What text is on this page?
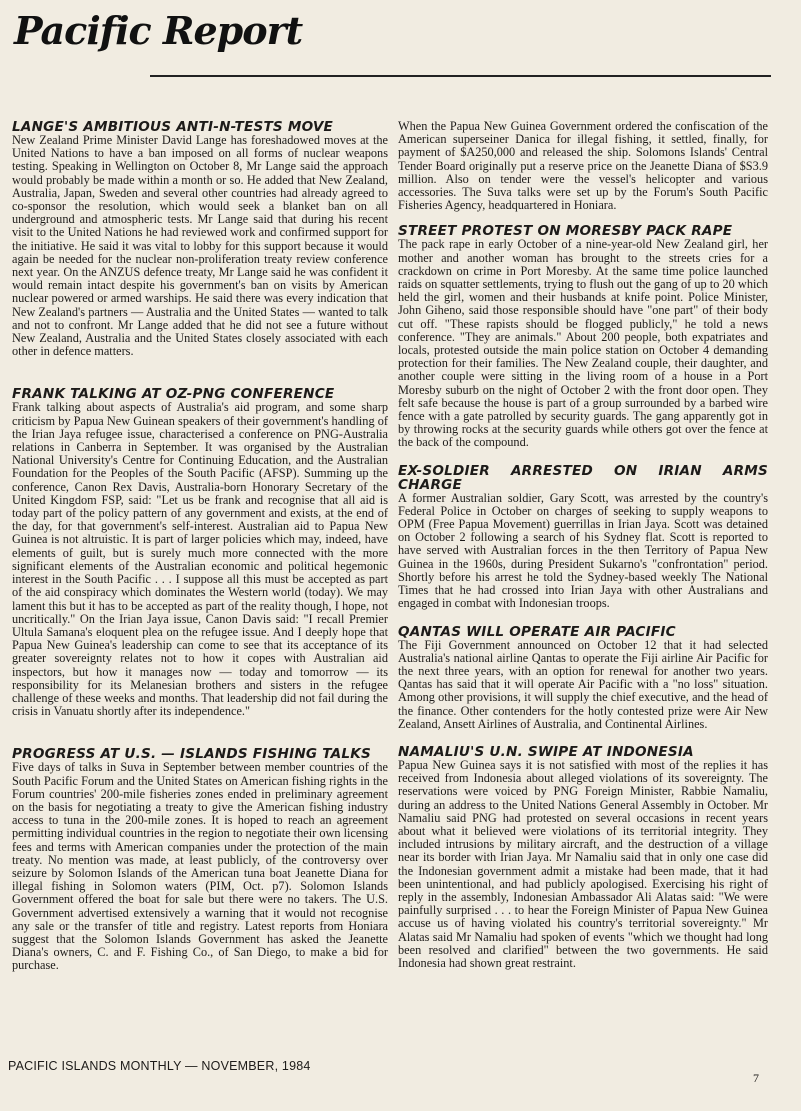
Pacific Report
LANGE'S AMBITIOUS ANTI-N-TESTS MOVE

New Zealand Prime Minister David Lange has foreshadowed moves at the United Nations to have a ban imposed on all forms of nuclear weapons testing. Speaking in Wellington on October 8, Mr Lange said the approach would probably be made within a month or so. He added that New Zealand, Australia, Japan, Sweden and several other countries had already agreed to co-sponsor the resolution, which would seek a blanket ban on all underground and atmospheric tests. Mr Lange said that during his recent visit to the United Nations he had reviewed work and confirmed support for the initiative. He said it was vital to lobby for this support because it would again be needed for the nuclear non-proliferation treaty review conference next year. On the ANZUS defence treaty, Mr Lange said he was confident it would remain intact despite his government's ban on visits by American nuclear powered or armed warships. He said there was every indication that New Zealand's partners — Australia and the United States — wanted to talk and not to confront. Mr Lange added that he did not see a future without New Zealand, Australia and the United States closely associated with each other in defence matters.

FRANK TALKING AT OZ-PNG CONFERENCE

Frank talking about aspects of Australia's aid program, and some sharp criticism by Papua New Guinean speakers of their government's handling of the Irian Jaya refugee issue, characterised a conference on PNG-Australia relations in Canberra in September. It was organised by the Australian National University's Centre for Continuing Education, and the Australian Foundation for the Peoples of the South Pacific (AFSP). Summing up the conference, Canon Rex Davis, Australia-born Honorary Secretary of the United Kingdom FSP, said: "Let us be frank and recognise that all aid is today part of the policy pattern of any government and exists, at the end of the day, for that government's self-interest. Australian aid to Papua New Guinea is not altruistic. It is part of larger policies which may, indeed, have elements of guilt, but is surely much more connected with the more significant elements of the Australian economic and political hegemonic interest in the South Pacific . . . I suppose all this must be accepted as part of the aid conspiracy which dominates the Western world (today). We may lament this but it has to be accepted as part of the reality though, I hope, not uncritically." On the Irian Jaya issue, Canon Davis said: "I recall Premier Ultula Samana's eloquent plea on the refugee issue. And I deeply hope that Papua New Guinea's leadership can come to see that its acceptance of its greater sovereignty relates not to how it copes with Australian aid inspectors, but how it manages now — today and tomorrow — its responsibility for its Melanesian brothers and sisters in the refugee challenge of these weeks and months. That leadership did not fail during the crisis in Vanuatu shortly after its independence."

PROGRESS AT U.S. — ISLANDS FISHING TALKS

Five days of talks in Suva in September between member countries of the South Pacific Forum and the United States on American fishing rights in the Forum countries' 200-mile fisheries zones ended in preliminary agreement on the basis for negotiating a treaty to give the American fishing industry access to tuna in the 200-mile zones. It is hoped to reach an agreement permitting individual countries in the region to negotiate their own licensing fees and terms with American companies under the protection of the main treaty. No mention was made, at least publicly, of the controversy over seizure by Solomon Islands of the American tuna boat Jeanette Diana for illegal fishing in Solomon waters (PIM, Oct. p7). Solomon Islands Government offered the boat for sale but there were no takers. The U.S. Government advertised extensively a warning that it would not recognise any sale or the transfer of title and registry. Latest reports from Honiara suggest that the Solomon Islands Government has asked the Jeanette Diana's owners, C. and F. Fishing Co., of San Diego, to make a bid for purchase.

When the Papua New Guinea Government ordered the confiscation of the American superseiner Danica for illegal fishing, it settled, finally, for payment of $A250,000 and released the ship. Solomons Islands' Central Tender Board originally put a reserve price on the Jeanette Diana of $S3.9 million. Also on tender were the vessel's helicopter and various accessories. The Suva talks were set up by the Forum's South Pacific Fisheries Agency, headquartered in Honiara.

STREET PROTEST ON MORESBY PACK RAPE

The pack rape in early October of a nine-year-old New Zealand girl, her mother and another woman has brought to the streets cries for a crackdown on crime in Port Moresby. At the same time police launched raids on squatter settlements, trying to flush out the gang of up to 20 which held the girl, women and their husbands at knife point. Police Minister, John Giheno, said those responsible should have "one part" of their body cut off. "These rapists should be flogged publicly," he told a news conference. "They are animals." About 200 people, both expatriates and locals, protested outside the main police station on October 4 demanding protection for their families. The New Zealand couple, their daughter, and another couple were sitting in the living room of a house in a Port Moresby suburb on the night of October 2 with the front door open. They felt safe because the house is part of a group surrounded by a barbed wire fence with a gate patrolled by security guards. The gang apparently got in by throwing rocks at the security guards while others got over the fence at the back of the compound.

EX-SOLDIER ARRESTED ON IRIAN ARMS CHARGE

A former Australian soldier, Gary Scott, was arrested by the country's Federal Police in October on charges of seeking to supply weapons to OPM (Free Papua Movement) guerrillas in Irian Jaya. Scott was detained on October 2 following a search of his Sydney flat. Scott is reported to have served with Australian forces in the then Territory of Papua New Guinea in the 1960s, during President Sukarno's "confrontation" period. Shortly before his arrest he told the Sydney-based weekly The National Times that he had crossed into Irian Jaya with other Australians and engaged in combat with Indonesian troops.

QANTAS WILL OPERATE AIR PACIFIC

The Fiji Government announced on October 12 that it had selected Australia's national airline Qantas to operate the Fiji airline Air Pacific for the next three years, with an option for renewal for another two years. Qantas has said that it will operate Air Pacific with a "no loss" situation. Among other provisions, it will supply the chief executive, and the head of the finance. Other contenders for the hotly contested prize were Air New Zealand, Ansett Airlines of Australia, and Continental Airlines.

NAMALIU'S U.N. SWIPE AT INDONESIA

Papua New Guinea says it is not satisfied with most of the replies it has received from Indonesia about alleged violations of its sovereignty. The reservations were voiced by PNG Foreign Minister, Rabbie Namaliu, during an address to the United Nations General Assembly in October. Mr Namaliu said PNG had protested on several occasions in recent years about what it believed were violations of its territorial integrity. They included intrusions by military aircraft, and the destruction of a village near its border with Irian Jaya. Mr Namaliu said that in only one case did the Indonesian government admit a mistake had been made, that it had been unintentional, and had publicly apologised. Exercising his right of reply in the assembly, Indonesian Ambassador Ali Alatas said: "We were painfully surprised . . . to hear the Foreign Minister of Papua New Guinea accuse us of having violated his country's territorial sovereignty." Mr Alatas said Mr Namaliu had spoken of events "which we thought had long been resolved and clarified" between the two governments. He said Indonesia had shown great restraint.

PACIFIC ISLANDS MONTHLY — NOVEMBER, 1984
7
